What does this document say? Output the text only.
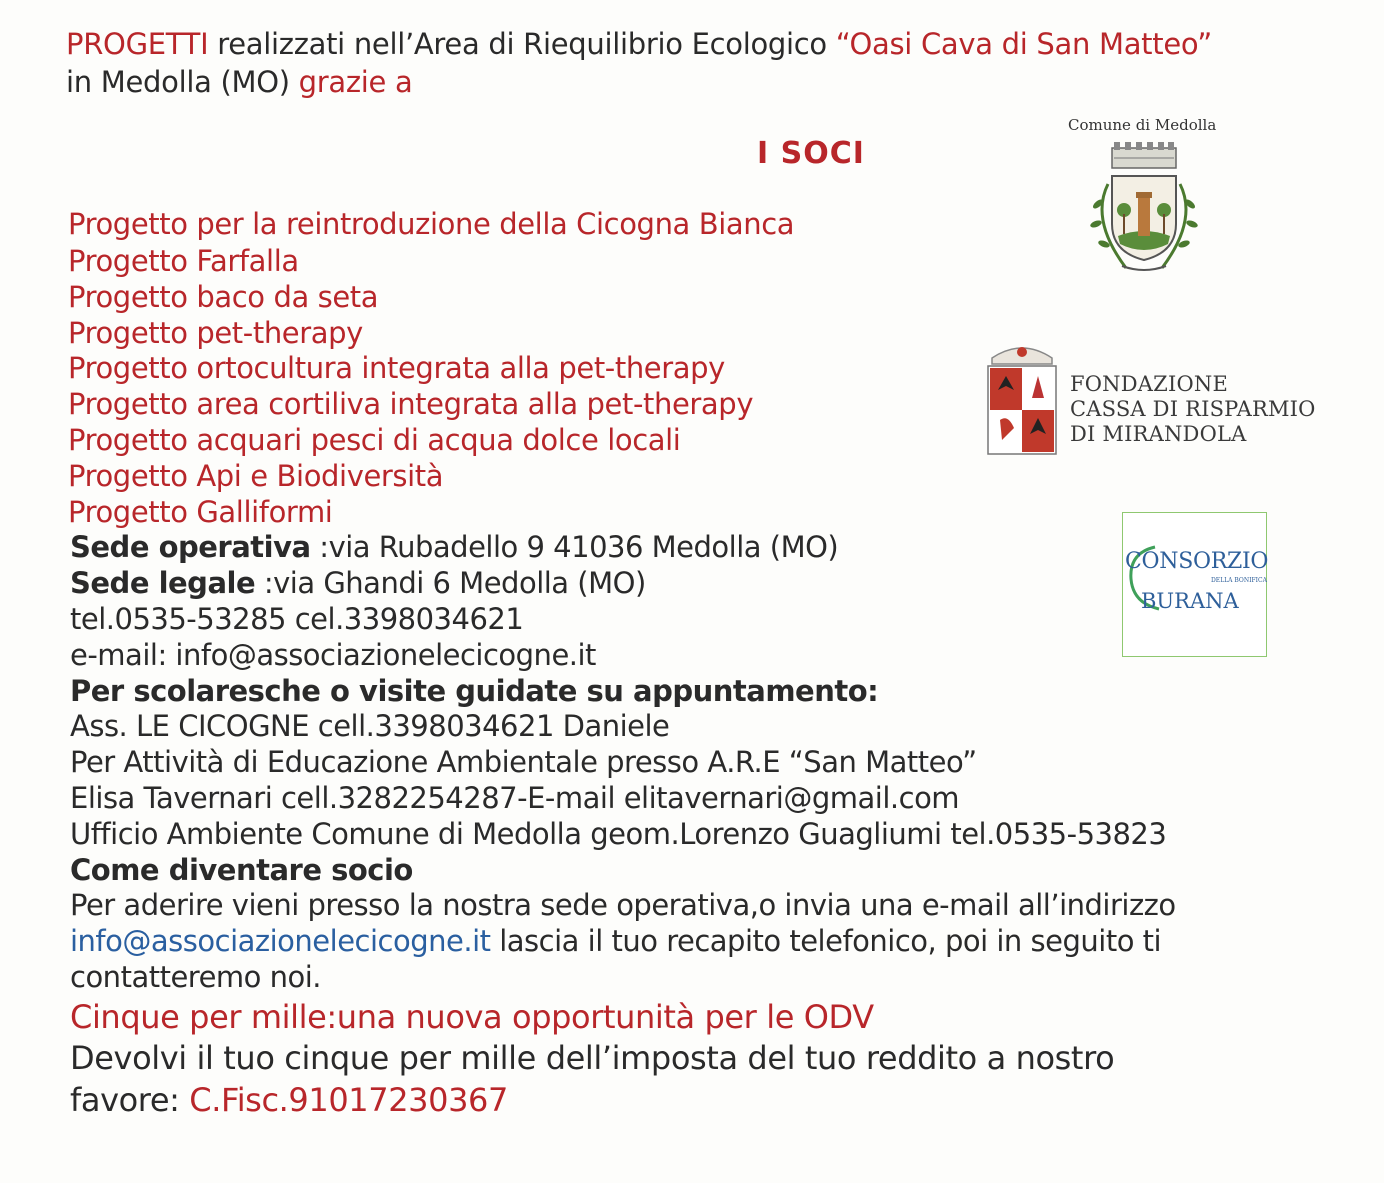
PROGETTI realizzati nell’Area di Riequilibrio Ecologico “Oasi Cava di San Matteo”
in Medolla (MO) grazie a
I SOCI
Progetto per la reintroduzione della Cicogna Bianca
Progetto Farfalla
Progetto baco da seta
Progetto pet-therapy
Progetto ortocultura integrata alla pet-therapy
Progetto area cortiliva integrata alla pet-therapy
Progetto acquari pesci di acqua dolce locali
Progetto Api e Biodiversità
Progetto Galliformi
Sede operativa :via Rubadello 9 41036 Medolla (MO)
Sede legale :via Ghandi 6 Medolla (MO)
tel.0535-53285 cel.3398034621
e-mail: info@associazionelecicogne.it
Per scolaresche o visite guidate su appuntamento:
Ass. LE CICOGNE cell.3398034621 Daniele
Per Attività di Educazione Ambientale presso A.R.E “San Matteo”
Elisa Tavernari cell.3282254287-E-mail elitavernari@gmail.com
Ufficio Ambiente Comune di Medolla geom.Lorenzo Guagliumi tel.0535-53823
Come diventare socio
Per aderire vieni presso la nostra sede operativa,o invia una e-mail all’indirizzo
info@associazionelecicogne.it lascia il tuo recapito telefonico, poi in seguito ti
contatteremo noi.
Cinque per mille:una nuova opportunità per le ODV
Devolvi il tuo cinque per mille dell’imposta del tuo reddito a nostro
favore: C.Fisc.91017230367
Comune di Medolla
FONDAZIONE
CASSA DI RISPARMIO
DI MIRANDOLA
CONSORZIO
DELLA BONIFICA
BURANA
